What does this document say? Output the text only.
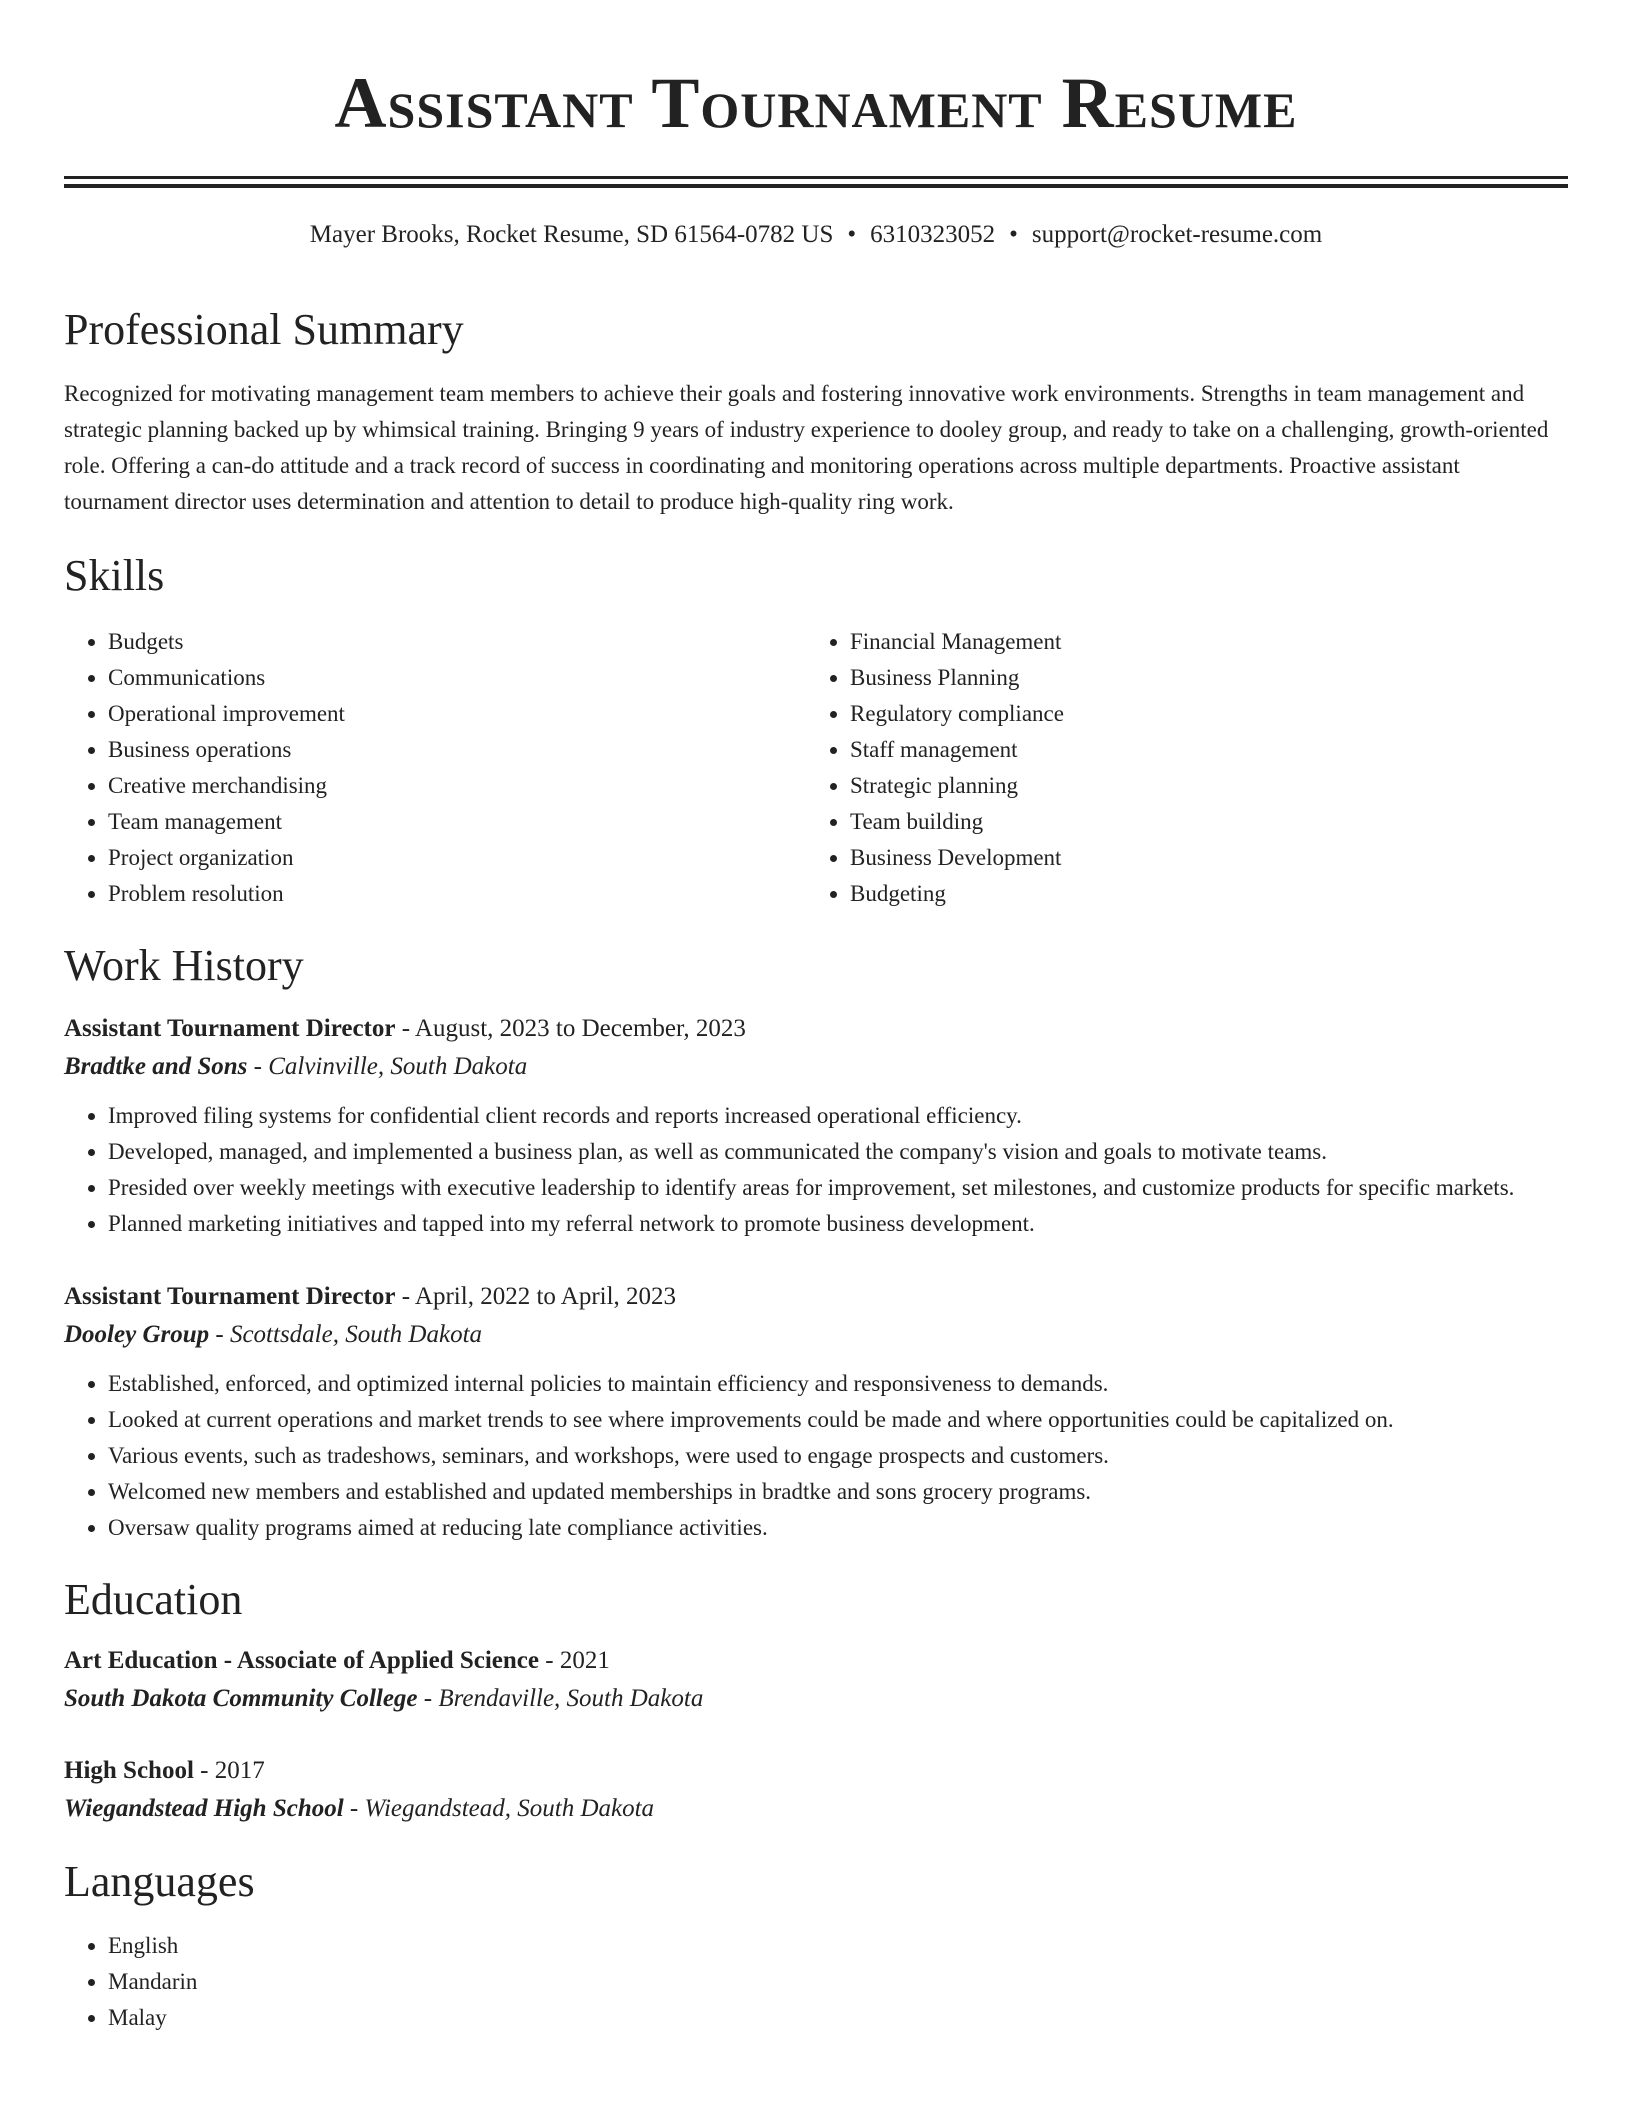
Assistant Tournament Resume
Mayer Brooks, Rocket Resume, SD 61564-0782 US • 6310323052 • support@rocket-resume.com
Professional Summary

Recognized for motivating management team members to achieve their goals and fostering innovative work environments. Strengths in team management and strategic planning backed up by whimsical training. Bringing 9 years of industry experience to dooley group, and ready to take on a challenging, growth-oriented role. Offering a can-do attitude and a track record of success in coordinating and monitoring operations across multiple departments. Proactive assistant tournament director uses determination and attention to detail to produce high-quality ring work.

Skills
• Budgets
• Communications
• Operational improvement
• Business operations
• Creative merchandising
• Team management
• Project organization
• Problem resolution
• Financial Management
• Business Planning
• Regulatory compliance
• Staff management
• Strategic planning
• Team building
• Business Development
• Budgeting
Work History
Assistant Tournament Director - August, 2023 to December, 2023
Bradtke and Sons - Calvinville, South Dakota
• Improved filing systems for confidential client records and reports increased operational efficiency.
• Developed, managed, and implemented a business plan, as well as communicated the company's vision and goals to motivate teams.
• Presided over weekly meetings with executive leadership to identify areas for improvement, set milestones, and customize products for specific markets.
• Planned marketing initiatives and tapped into my referral network to promote business development.
Assistant Tournament Director - April, 2022 to April, 2023
Dooley Group - Scottsdale, South Dakota
• Established, enforced, and optimized internal policies to maintain efficiency and responsiveness to demands.
• Looked at current operations and market trends to see where improvements could be made and where opportunities could be capitalized on.
• Various events, such as tradeshows, seminars, and workshops, were used to engage prospects and customers.
• Welcomed new members and established and updated memberships in bradtke and sons grocery programs.
• Oversaw quality programs aimed at reducing late compliance activities.
Education
Art Education - Associate of Applied Science - 2021
South Dakota Community College - Brendaville, South Dakota
High School - 2017
Wiegandstead High School - Wiegandstead, South Dakota
Languages
• English
• Mandarin
• Malay
